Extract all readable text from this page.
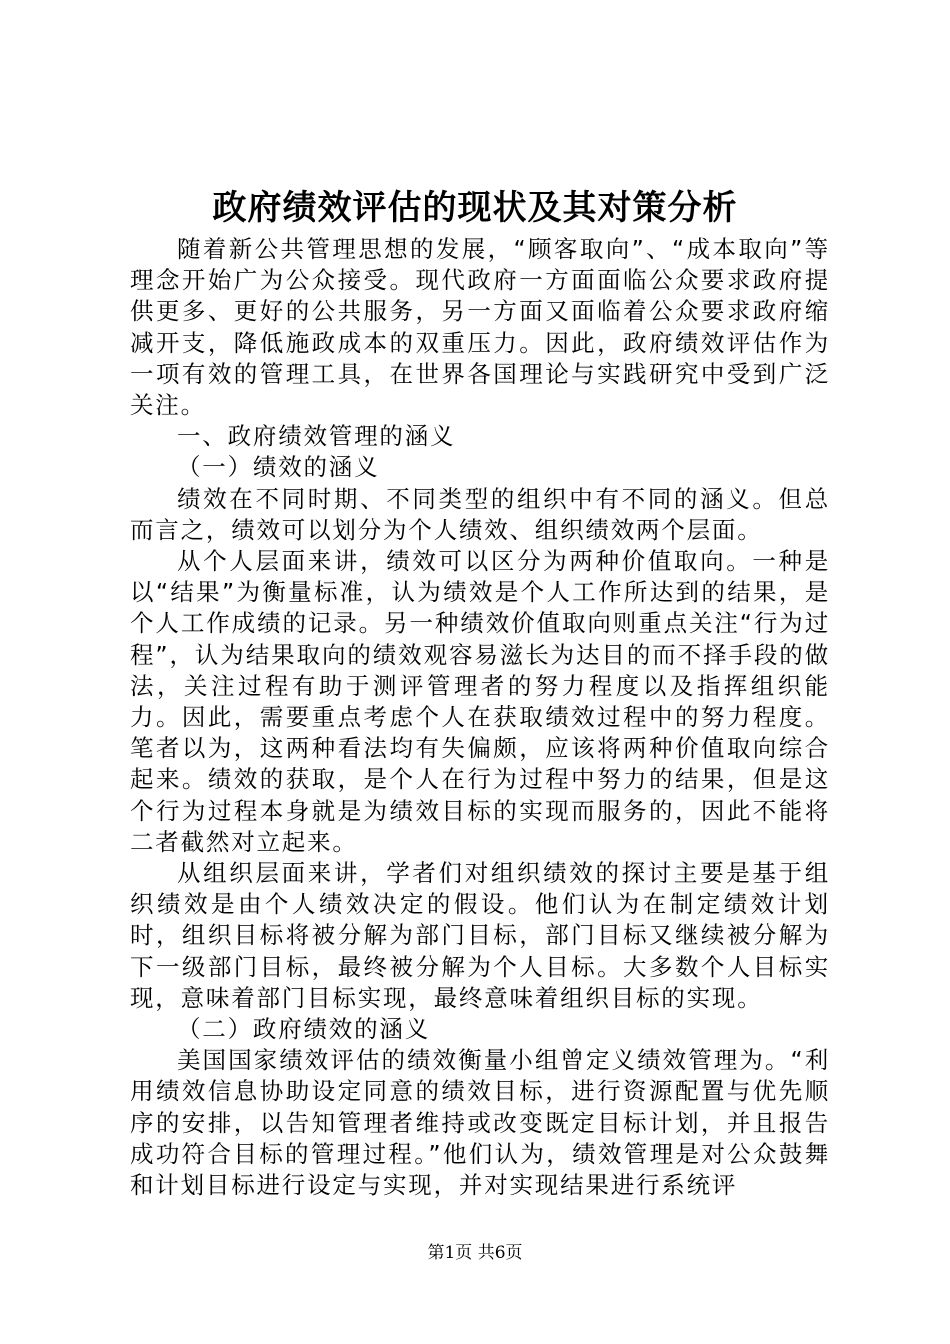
政府绩效评估的现状及其对策分析

随着新公共管理思想的发展，“顾客取向”、“成本取向”等理念开始广为公众接受。现代政府一方面面临公众要求政府提供更多、更好的公共服务，另一方面又面临着公众要求政府缩减开支，降低施政成本的双重压力。因此，政府绩效评估作为一项有效的管理工具，在世界各国理论与实践研究中受到广泛关注。

一、政府绩效管理的涵义

（一）绩效的涵义

绩效在不同时期、不同类型的组织中有不同的涵义。但总而言之，绩效可以划分为个人绩效、组织绩效两个层面。

从个人层面来讲，绩效可以区分为两种价值取向。一种是以“结果”为衡量标准，认为绩效是个人工作所达到的结果，是个人工作成绩的记录。另一种绩效价值取向则重点关注“行为过程”，认为结果取向的绩效观容易滋长为达目的而不择手段的做法，关注过程有助于测评管理者的努力程度以及指挥组织能力。因此，需要重点考虑个人在获取绩效过程中的努力程度。笔者以为，这两种看法均有失偏颇，应该将两种价值取向综合起来。绩效的获取，是个人在行为过程中努力的结果，但是这个行为过程本身就是为绩效目标的实现而服务的，因此不能将二者截然对立起来。

从组织层面来讲，学者们对组织绩效的探讨主要是基于组织绩效是由个人绩效决定的假设。他们认为在制定绩效计划时，组织目标将被分解为部门目标，部门目标又继续被分解为下一级部门目标，最终被分解为个人目标。大多数个人目标实现，意味着部门目标实现，最终意味着组织目标的实现。

（二）政府绩效的涵义

美国国家绩效评估的绩效衡量小组曾定义绩效管理为。“利用绩效信息协助设定同意的绩效目标，进行资源配置与优先顺序的安排，以告知管理者维持或改变既定目标计划，并且报告成功符合目标的管理过程。”他们认为，绩效管理是对公众鼓舞和计划目标进行设定与实现，并对实现结果进行系统评

第1页 共6页
